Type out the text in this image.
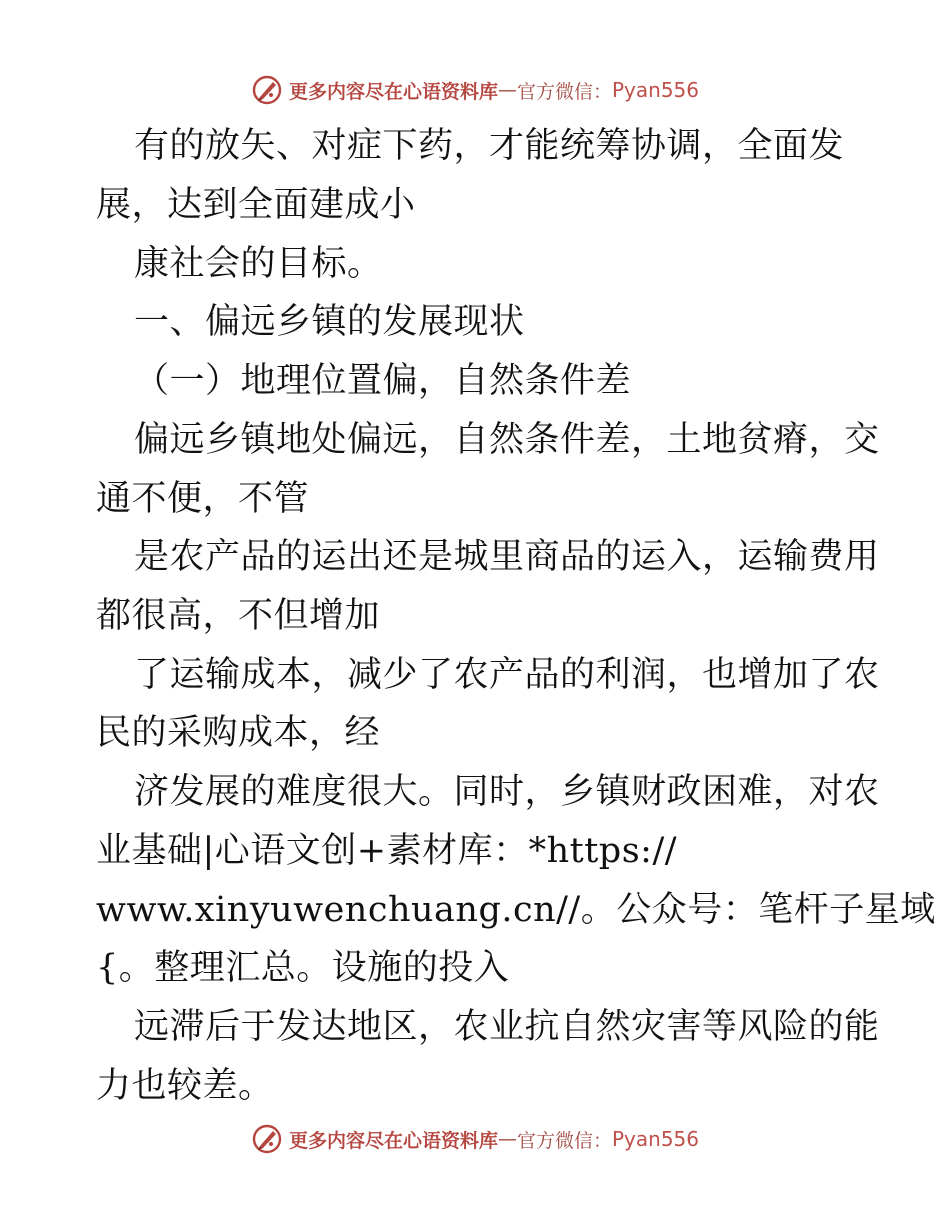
更多内容尽在心语资料库 — 官方微信： Pyan556
有的放矢、对症下药，才能统筹协调，全面发
展，达到全面建成小
康社会的目标。
一、偏远乡镇的发展现状
（一）地理位置偏，自然条件差
偏远乡镇地处偏远，自然条件差，土地贫瘠，交
通不便，不管
是农产品的运出还是城里商品的运入，运输费用
都很高，不但增加
了运输成本，减少了农产品的利润，也增加了农
民的采购成本，经
济发展的难度很大。同时，乡镇财政困难，对农
业基础|心语文创+素材库：*https://
www.xinyuwenchuang.cn//。公众号：笔杆子星域
{。整理汇总。设施的投入
远滞后于发达地区，农业抗自然灾害等风险的能
力也较差。
更多内容尽在心语资料库 — 官方微信： Pyan556
